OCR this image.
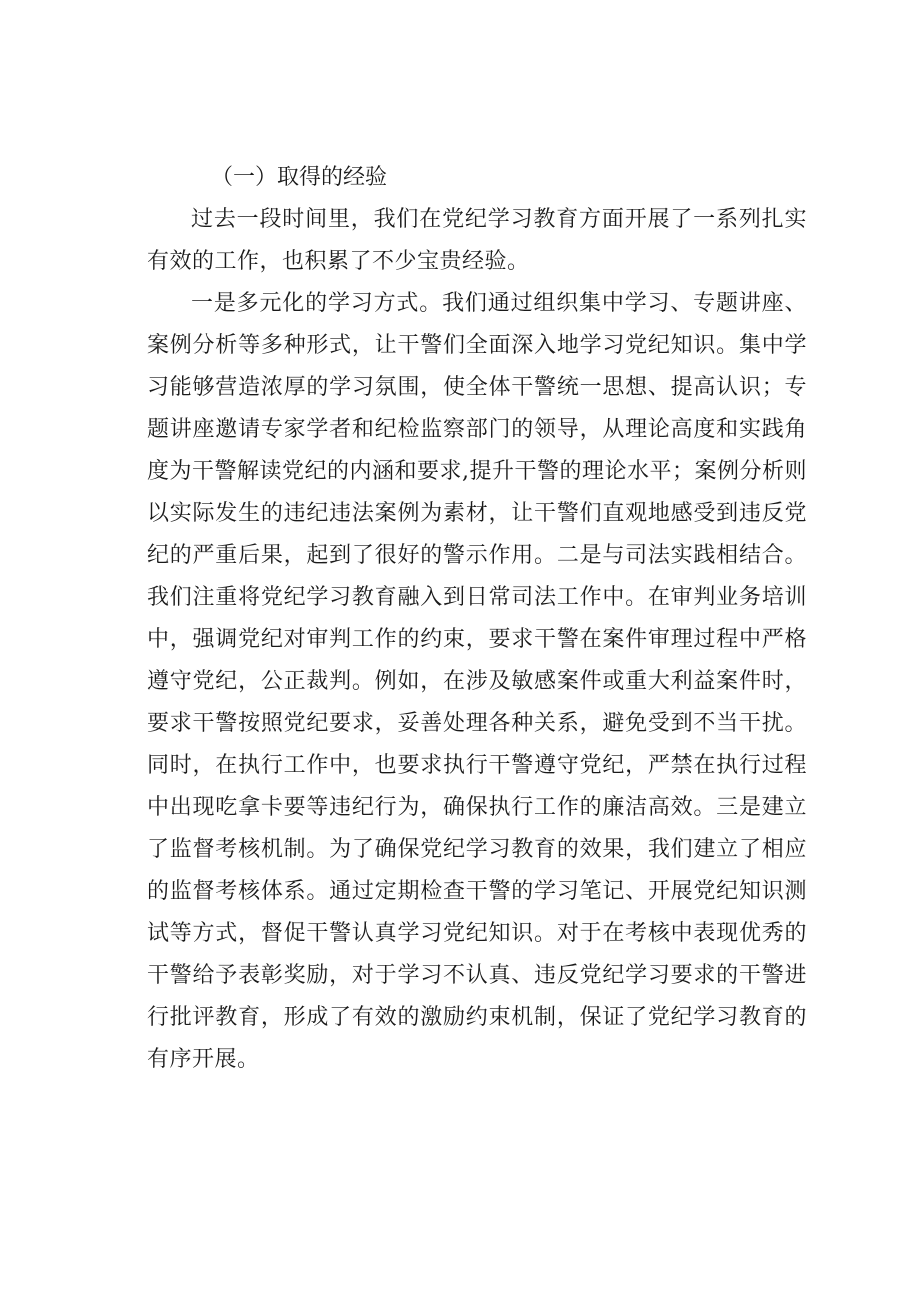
（一）取得的经验

过去一段时间里，我们在党纪学习教育方面开展了一系列扎实有效的工作，也积累了不少宝贵经验。

一是多元化的学习方式。我们通过组织集中学习、专题讲座、案例分析等多种形式，让干警们全面深入地学习党纪知识。集中学习能够营造浓厚的学习氛围，使全体干警统一思想、提高认识；专题讲座邀请专家学者和纪检监察部门的领导，从理论高度和实践角度为干警解读党纪的内涵和要求,提升干警的理论水平；案例分析则以实际发生的违纪违法案例为素材，让干警们直观地感受到违反党纪的严重后果，起到了很好的警示作用。二是与司法实践相结合。我们注重将党纪学习教育融入到日常司法工作中。在审判业务培训中，强调党纪对审判工作的约束，要求干警在案件审理过程中严格遵守党纪，公正裁判。例如，在涉及敏感案件或重大利益案件时，要求干警按照党纪要求，妥善处理各种关系，避免受到不当干扰。同时，在执行工作中，也要求执行干警遵守党纪，严禁在执行过程中出现吃拿卡要等违纪行为，确保执行工作的廉洁高效。三是建立了监督考核机制。为了确保党纪学习教育的效果，我们建立了相应的监督考核体系。通过定期检查干警的学习笔记、开展党纪知识测试等方式，督促干警认真学习党纪知识。对于在考核中表现优秀的干警给予表彰奖励，对于学习不认真、违反党纪学习要求的干警进行批评教育，形成了有效的激励约束机制，保证了党纪学习教育的有序开展。
